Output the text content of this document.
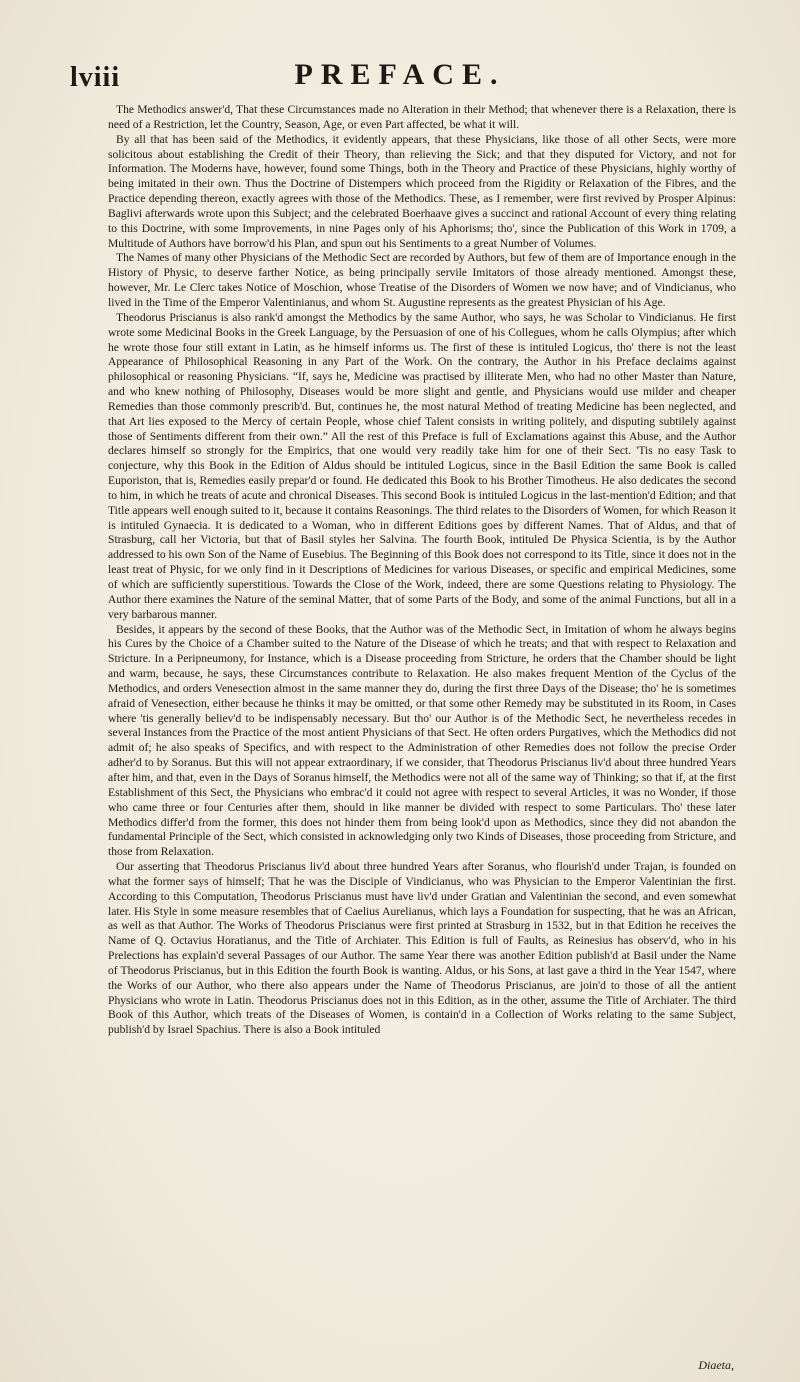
lviii	PREFACE.

The Methodics answer'd, That these Circumstances made no Alteration in their Method; that whenever there is a Relaxation, there is need of a Restriction, let the Country, Season, Age, or even Part affected, be what it will.

By all that has been said of the Methodics, it evidently appears, that these Physicians, like those of all other Sects, were more solicitous about establishing the Credit of their Theory, than relieving the Sick; and that they disputed for Victory, and not for Information. The Moderns have, however, found some Things, both in the Theory and Practice of these Physicians, highly worthy of being imitated in their own. Thus the Doctrine of Distempers which proceed from the Rigidity or Relaxation of the Fibres, and the Practice depending thereon, exactly agrees with those of the Methodics. These, as I remember, were first revived by Prosper Alpinus: Baglivi afterwards wrote upon this Subject; and the celebrated Boerhaave gives a succinct and rational Account of every thing relating to this Doctrine, with some Improvements, in nine Pages only of his Aphorisms; tho', since the Publication of this Work in 1709, a Multitude of Authors have borrow'd his Plan, and spun out his Sentiments to a great Number of Volumes.

The Names of many other Physicians of the Methodic Sect are recorded by Authors, but few of them are of Importance enough in the History of Physic, to deserve farther Notice, as being principally servile Imitators of those already mentioned. Amongst these, however, Mr. Le Clerc takes Notice of Moschion, whose Treatise of the Disorders of Women we now have; and of Vindicianus, who lived in the Time of the Emperor Valentinianus, and whom St. Augustine represents as the greatest Physician of his Age.

Theodorus Priscianus is also rank'd amongst the Methodics by the same Author, who says, he was Scholar to Vindicianus. He first wrote some Medicinal Books in the Greek Language, by the Persuasion of one of his Collegues, whom he calls Olympius; after which he wrote those four still extant in Latin, as he himself informs us. The first of these is intituled Logicus, tho' there is not the least Appearance of Philosophical Reasoning in any Part of the Work. On the contrary, the Author in his Preface declaims against philosophical or reasoning Physicians. “If, says he, Medicine was practised by illiterate Men, who had no other Master than Nature, and who knew nothing of Philosophy, Diseases would be more slight and gentle, and Physicians would use milder and cheaper Remedies than those commonly prescrib'd. But, continues he, the most natural Method of treating Medicine has been neglected, and that Art lies exposed to the Mercy of certain People, whose chief Talent consists in writing politely, and disputing subtilely against those of Sentiments different from their own.” All the rest of this Preface is full of Exclamations against this Abuse, and the Author declares himself so strongly for the Empirics, that one would very readily take him for one of their Sect. 'Tis no easy Task to conjecture, why this Book in the Edition of Aldus should be intituled Logicus, since in the Basil Edition the same Book is called Euporiston, that is, Remedies easily prepar'd or found. He dedicated this Book to his Brother Timotheus. He also dedicates the second to him, in which he treats of acute and chronical Diseases. This second Book is intituled Logicus in the last-mention'd Edition; and that Title appears well enough suited to it, because it contains Reasonings. The third relates to the Disorders of Women, for which Reason it is intituled Gynaecia. It is dedicated to a Woman, who in different Editions goes by different Names. That of Aldus, and that of Strasburg, call her Victoria, but that of Basil styles her Salvina. The fourth Book, intituled De Physica Scientia, is by the Author addressed to his own Son of the Name of Eusebius. The Beginning of this Book does not correspond to its Title, since it does not in the least treat of Physic, for we only find in it Descriptions of Medicines for various Diseases, or specific and empirical Medicines, some of which are sufficiently superstitious. Towards the Close of the Work, indeed, there are some Questions relating to Physiology. The Author there examines the Nature of the seminal Matter, that of some Parts of the Body, and some of the animal Functions, but all in a very barbarous manner.

Besides, it appears by the second of these Books, that the Author was of the Methodic Sect, in Imitation of whom he always begins his Cures by the Choice of a Chamber suited to the Nature of the Disease of which he treats; and that with respect to Relaxation and Stricture. In a Peripneumony, for Instance, which is a Disease proceeding from Stricture, he orders that the Chamber should be light and warm, because, he says, these Circumstances contribute to Relaxation. He also makes frequent Mention of the Cyclus of the Methodics, and orders Venesection almost in the same manner they do, during the first three Days of the Disease; tho' he is sometimes afraid of Venesection, either because he thinks it may be omitted, or that some other Remedy may be substituted in its Room, in Cases where 'tis generally believ'd to be indispensably necessary. But tho' our Author is of the Methodic Sect, he nevertheless recedes in several Instances from the Practice of the most antient Physicians of that Sect. He often orders Purgatives, which the Methodics did not admit of; he also speaks of Specifics, and with respect to the Administration of other Remedies does not follow the precise Order adher'd to by Soranus. But this will not appear extraordinary, if we consider, that Theodorus Priscianus liv'd about three hundred Years after him, and that, even in the Days of Soranus himself, the Methodics were not all of the same way of Thinking; so that if, at the first Establishment of this Sect, the Physicians who embrac'd it could not agree with respect to several Articles, it was no Wonder, if those who came three or four Centuries after them, should in like manner be divided with respect to some Particulars. Tho' these later Methodics differ'd from the former, this does not hinder them from being look'd upon as Methodics, since they did not abandon the fundamental Principle of the Sect, which consisted in acknowledging only two Kinds of Diseases, those proceeding from Stricture, and those from Relaxation.

Our asserting that Theodorus Priscianus liv'd about three hundred Years after Soranus, who flourish'd under Trajan, is founded on what the former says of himself; That he was the Disciple of Vindicianus, who was Physician to the Emperor Valentinian the first. According to this Computation, Theodorus Priscianus must have liv'd under Gratian and Valentinian the second, and even somewhat later. His Style in some measure resembles that of Caelius Aurelianus, which lays a Foundation for suspecting, that he was an African, as well as that Author. The Works of Theodorus Priscianus were first printed at Strasburg in 1532, but in that Edition he receives the Name of Q. Octavius Horatianus, and the Title of Archiater. This Edition is full of Faults, as Reinesius has observ'd, who in his Prelections has explain'd several Passages of our Author. The same Year there was another Edition publish'd at Basil under the Name of Theodorus Priscianus, but in this Edition the fourth Book is wanting. Aldus, or his Sons, at last gave a third in the Year 1547, where the Works of our Author, who there also appears under the Name of Theodorus Priscianus, are join'd to those of all the antient Physicians who wrote in Latin. Theodorus Priscianus does not in this Edition, as in the other, assume the Title of Archiater. The third Book of this Author, which treats of the Diseases of Women, is contain'd in a Collection of Works relating to the same Subject, publish'd by Israel Spachius. There is also a Book intituled

Diaeta,
